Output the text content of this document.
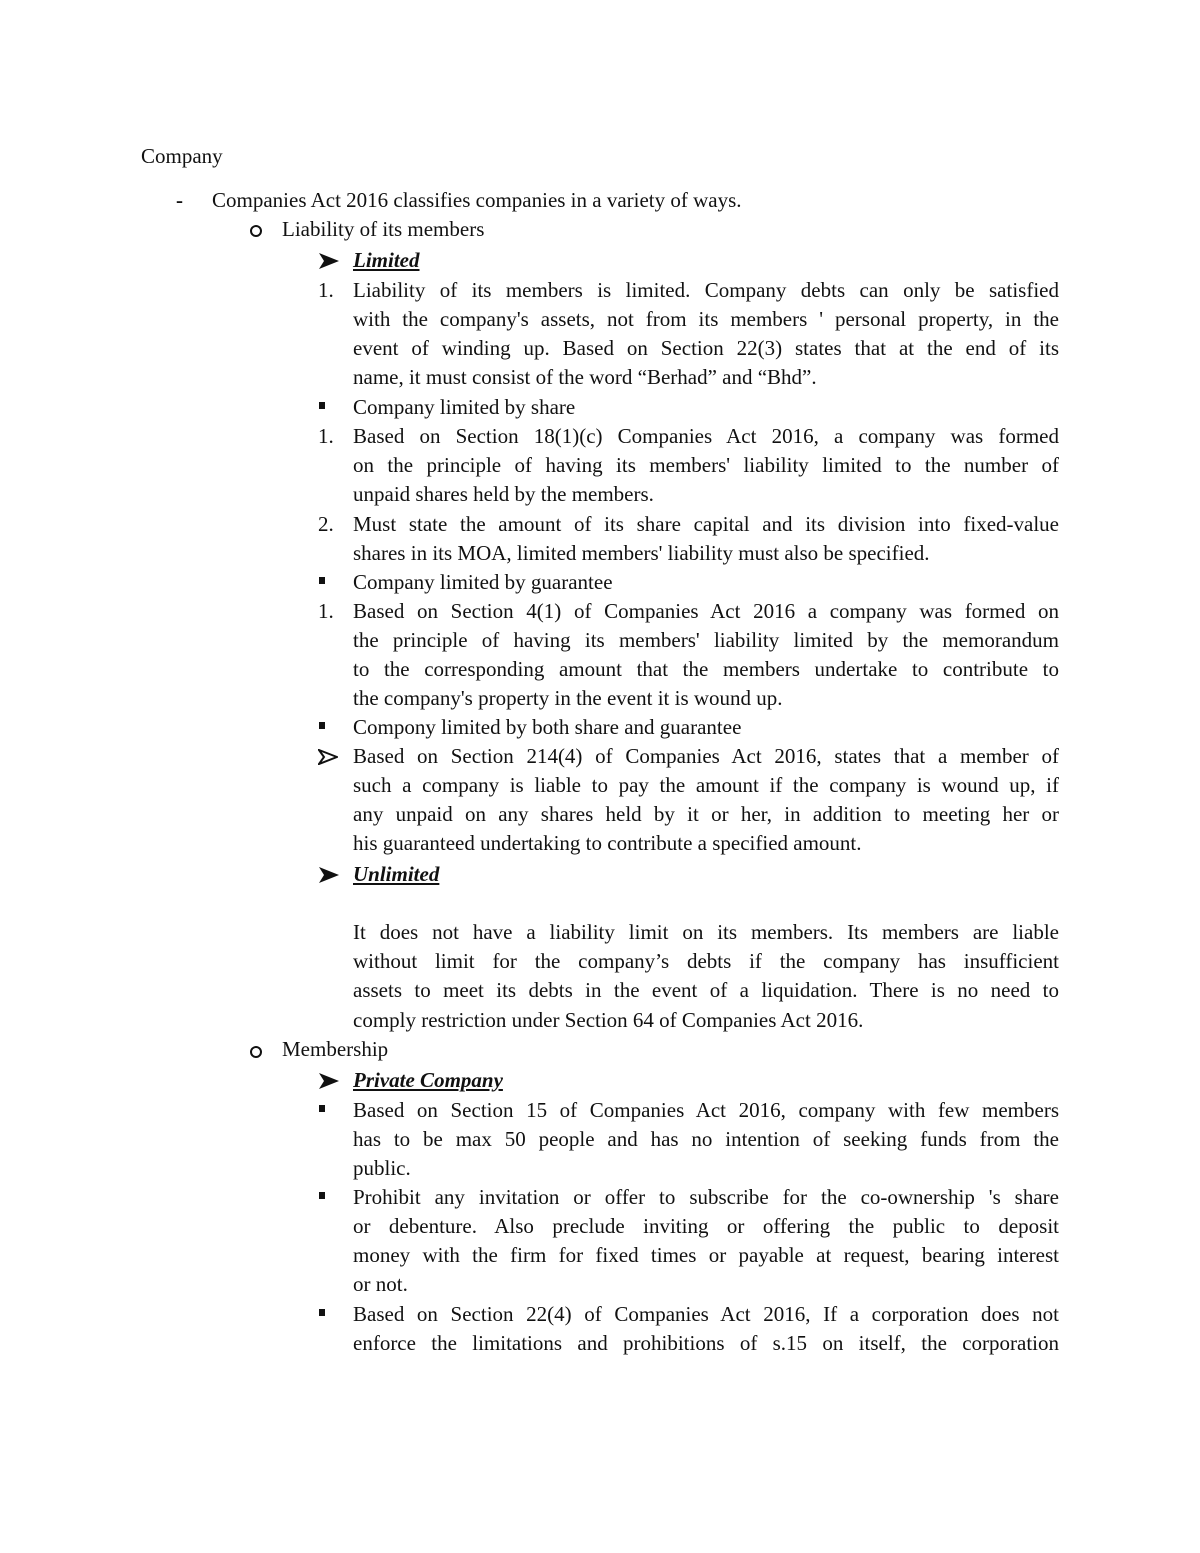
Company
- Companies Act 2016 classifies companies in a variety of ways.
Liability of its members
Limited
1. Liability of its members is limited. Company debts can only be satisfied
with the company's assets, not from its members ' personal property, in the
event of winding up. Based on Section 22(3) states that at the end of its
name, it must consist of the word “Berhad” and “Bhd”.
Company limited by share
1. Based on Section 18(1)(c) Companies Act 2016, a company was formed
on the principle of having its members' liability limited to the number of
unpaid shares held by the members.
2. Must state the amount of its share capital and its division into fixed-value
shares in its MOA, limited members' liability must also be specified.
Company limited by guarantee
1. Based on Section 4(1) of Companies Act 2016 a company was formed on
the principle of having its members' liability limited by the memorandum
to the corresponding amount that the members undertake to contribute to
the company's property in the event it is wound up.
Compony limited by both share and guarantee
Based on Section 214(4) of Companies Act 2016, states that a member of
such a company is liable to pay the amount if the company is wound up, if
any unpaid on any shares held by it or her, in addition to meeting her or
his guaranteed undertaking to contribute a specified amount.
Unlimited
It does not have a liability limit on its members. Its members are liable
without limit for the company’s debts if the company has insufficient
assets to meet its debts in the event of a liquidation. There is no need to
comply restriction under Section 64 of Companies Act 2016.
Membership
Private Company
Based on Section 15 of Companies Act 2016, company with few members
has to be max 50 people and has no intention of seeking funds from the
public.
Prohibit any invitation or offer to subscribe for the co-ownership 's share
or debenture. Also preclude inviting or offering the public to deposit
money with the firm for fixed times or payable at request, bearing interest
or not.
Based on Section 22(4) of Companies Act 2016, If a corporation does not
enforce the limitations and prohibitions of s.15 on itself, the corporation
